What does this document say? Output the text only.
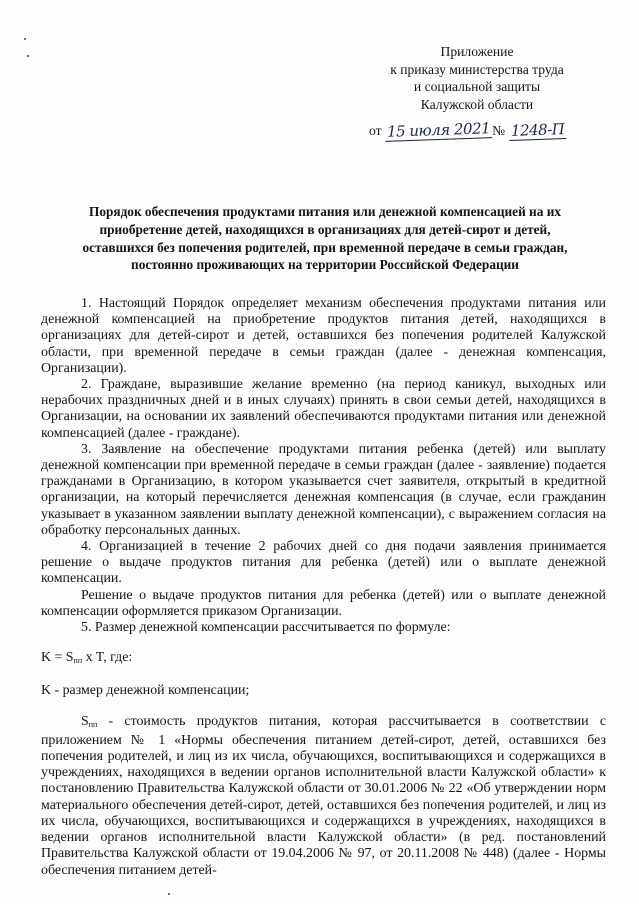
Приложение
к приказу министерства труда
и социальной защиты
Калужской области
от 15 июля 2021 № 1248-П
Порядок обеспечения продуктами питания или денежной компенсацией на их
приобретение детей, находящихся в организациях для детей-сирот и детей,
оставшихся без попечения родителей, при временной передаче в семьи граждан,
постоянно проживающих на территории Российской Федерации

1. Настоящий Порядок определяет механизм обеспечения продуктами питания или денежной компенсацией на приобретение продуктов питания детей, находящихся в организациях для детей-сирот и детей, оставшихся без попечения родителей Калужской области, при временной передаче в семьи граждан (далее - денежная компенсация, Организации).

2. Граждане, выразившие желание временно (на период каникул, выходных или нерабочих праздничных дней и в иных случаях) принять в свои семьи детей, находящихся в Организации, на основании их заявлений обеспечиваются продуктами питания или денежной компенсацией (далее - граждане).

3. Заявление на обеспечение продуктами питания ребенка (детей) или выплату денежной компенсации при временной передаче в семьи граждан (далее - заявление) подается гражданами в Организацию, в котором указывается счет заявителя, открытый в кредитной организации, на который перечисляется денежная компенсация (в случае, если гражданин указывает в указанном заявлении выплату денежной компенсации), с выражением согласия на обработку персональных данных.

4. Организацией в течение 2 рабочих дней со дня подачи заявления принимается решение о выдаче продуктов питания для ребенка (детей) или о выплате денежной компенсации.

Решение о выдаче продуктов питания для ребенка (детей) или о выплате денежной компенсации оформляется приказом Организации.

5. Размер денежной компенсации рассчитывается по формуле:

$K = S_{пп}$ x T, где:

K - размер денежной компенсации;

$S_{пп}$ - стоимость продуктов питания, которая рассчитывается в соответствии с приложением № 1 «Нормы обеспечения питанием детей-сирот, детей, оставшихся без попечения родителей, и лиц из их числа, обучающихся, воспитывающихся и содержащихся в учреждениях, находящихся в ведении органов исполнительной власти Калужской области» к постановлению Правительства Калужской области от 30.01.2006 № 22 «Об утверждении норм материального обеспечения детей-сирот, детей, оставшихся без попечения родителей, и лиц из их числа, обучающихся, воспитывающихся и содержащихся в учреждениях, находящихся в ведении органов исполнительной власти Калужской области» (в ред. постановлений Правительства Калужской области от 19.04.2006 № 97, от 20.11.2008 № 448) (далее - Нормы обеспечения питанием детей-
